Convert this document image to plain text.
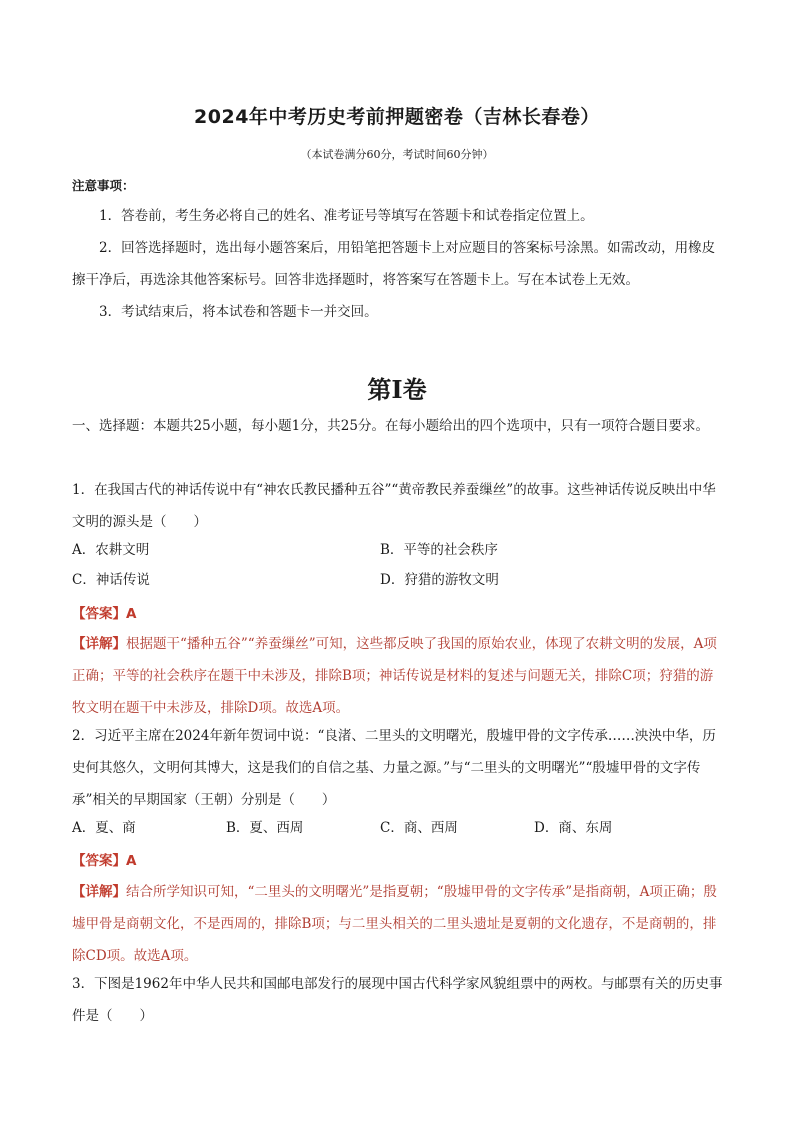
2024年中考历史考前押题密卷（吉林长春卷）
（本试卷满分60分，考试时间60分钟）
注意事项：
1．答卷前，考生务必将自己的姓名、准考证号等填写在答题卡和试卷指定位置上。
2．回答选择题时，选出每小题答案后，用铅笔把答题卡上对应题目的答案标号涂黑。如需改动，用橡皮擦干净后，再选涂其他答案标号。回答非选择题时，将答案写在答题卡上。写在本试卷上无效。
3．考试结束后，将本试卷和答题卡一并交回。
第Ⅰ卷
一、选择题：本题共25小题，每小题1分，共25分。在每小题给出的四个选项中，只有一项符合题目要求。
1．在我国古代的神话传说中有“神农氏教民播种五谷”“黄帝教民养蚕缫丝”的故事。这些神话传说反映出中华文明的源头是（　　）
A．农耕文明	B．平等的社会秩序
C．神话传说	D．狩猎的游牧文明
【答案】A
【详解】根据题干“播种五谷”“养蚕缫丝”可知，这些都反映了我国的原始农业，体现了农耕文明的发展，A项正确；平等的社会秩序在题干中未涉及，排除B项；神话传说是材料的复述与问题无关，排除C项；狩猎的游牧文明在题干中未涉及，排除D项。故选A项。
2．习近平主席在2024年新年贺词中说：“良渚、二里头的文明曙光，殷墟甲骨的文字传承……泱泱中华，历史何其悠久，文明何其博大，这是我们的自信之基、力量之源。”与“二里头的文明曙光”“殷墟甲骨的文字传承”相关的早期国家（王朝）分别是（　　）
A．夏、商	B．夏、西周	C．商、西周	D．商、东周
【答案】A
【详解】结合所学知识可知，“二里头的文明曙光”是指夏朝；“殷墟甲骨的文字传承”是指商朝，A项正确；殷墟甲骨是商朝文化，不是西周的，排除B项；与二里头相关的二里头遗址是夏朝的文化遗存，不是商朝的，排除CD项。故选A项。
3．下图是1962年中华人民共和国邮电部发行的展现中国古代科学家风貌组票中的两枚。与邮票有关的历史事件是（　　）
